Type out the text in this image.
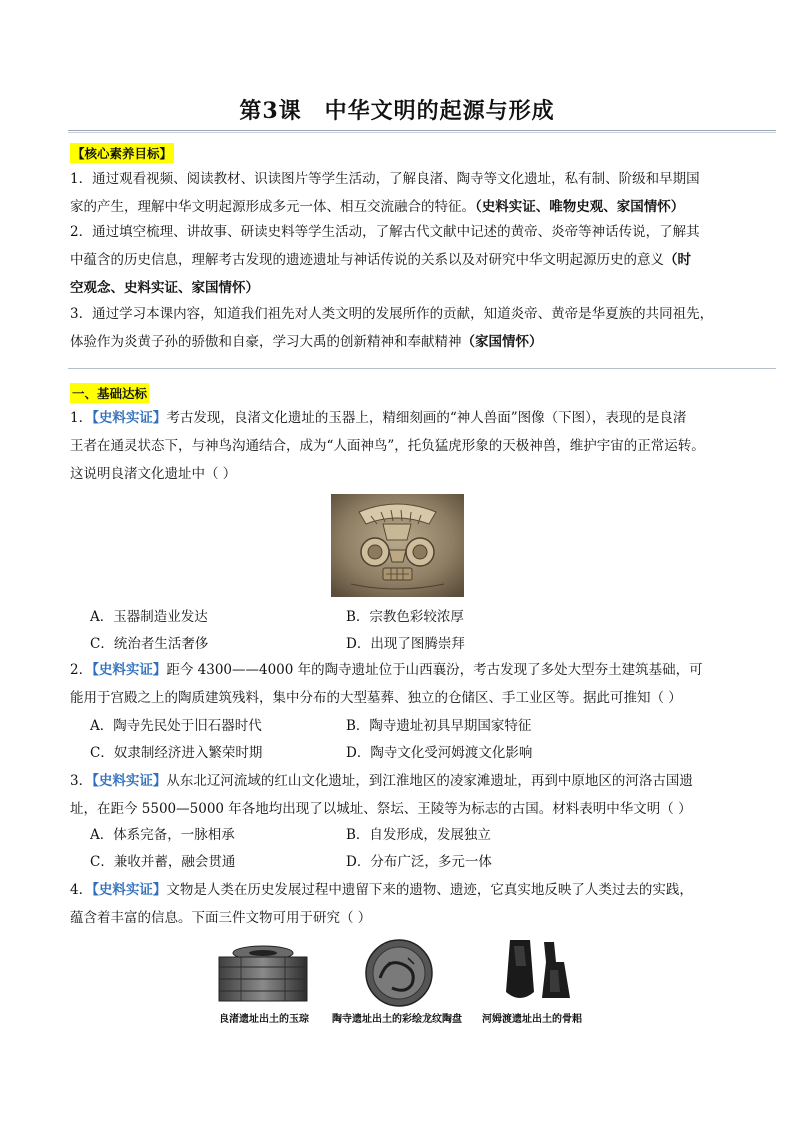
第3课　中华文明的起源与形成
【核心素养目标】
1．通过观看视频、阅读教材、识读图片等学生活动，了解良渚、陶寺等文化遗址，私有制、阶级和早期国
家的产生，理解中华文明起源形成多元一体、相互交流融合的特征。（史料实证、唯物史观、家国情怀）
2．通过填空梳理、讲故事、研读史料等学生活动，了解古代文献中记述的黄帝、炎帝等神话传说，了解其
中蕴含的历史信息，理解考古发现的遗迹遗址与神话传说的关系以及对研究中华文明起源历史的意义（时
空观念、史料实证、家国情怀）
3．通过学习本课内容，知道我们祖先对人类文明的发展所作的贡献，知道炎帝、黄帝是华夏族的共同祖先，
体验作为炎黄子孙的骄傲和自豪，学习大禹的创新精神和奉献精神（家国情怀）
一、基础达标
1．【史料实证】考古发现，良渚文化遗址的玉器上，精细刻画的“神人兽面”图像（下图），表现的是良渚
王者在通灵状态下，与神鸟沟通结合，成为“人面神鸟”，托负猛虎形象的天极神兽，维护宇宙的正常运转。
这说明良渚文化遗址中（ ）
A．玉器制造业发达	B．宗教色彩较浓厚
C．统治者生活奢侈	D．出现了图腾崇拜
2．【史料实证】距今 4300——4000 年的陶寺遗址位于山西襄汾，考古发现了多处大型夯土建筑基础，可
能用于宫殿之上的陶质建筑残料，集中分布的大型墓葬、独立的仓储区、手工业区等。据此可推知（ ）
A．陶寺先民处于旧石器时代	B．陶寺遗址初具早期国家特征
C．奴隶制经济进入繁荣时期	D．陶寺文化受河姆渡文化影响
3．【史料实证】从东北辽河流域的红山文化遗址，到江淮地区的凌家滩遗址，再到中原地区的河洛古国遗
址，在距今 5500—5000 年各地均出现了以城址、祭坛、王陵等为标志的古国。材料表明中华文明（ ）
A．体系完备，一脉相承	B．自发形成，发展独立
C．兼收并蓄，融会贯通	D．分布广泛，多元一体
4．【史料实证】文物是人类在历史发展过程中遗留下来的遗物、遗迹，它真实地反映了人类过去的实践，
蕴含着丰富的信息。下面三件文物可用于研究（ ）
良渚遗址出土的玉琮	陶寺遗址出土的彩绘龙纹陶盘	河姆渡遗址出土的骨耜
